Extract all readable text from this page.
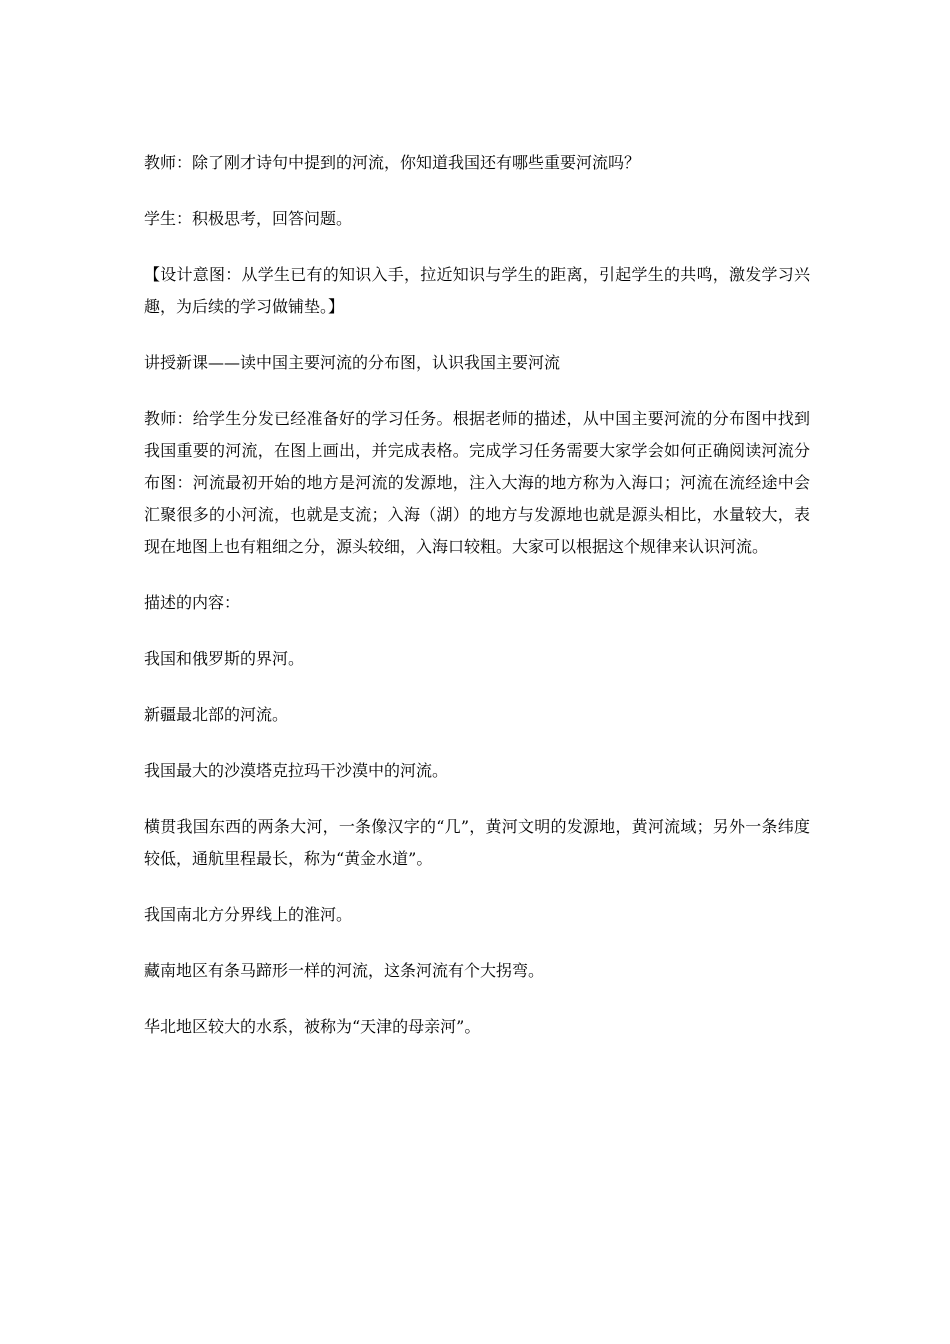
教师：除了刚才诗句中提到的河流，你知道我国还有哪些重要河流吗？

学生：积极思考，回答问题。

【设计意图：从学生已有的知识入手，拉近知识与学生的距离，引起学生的共鸣，激发学习兴趣，为后续的学习做铺垫。】

讲授新课——读中国主要河流的分布图，认识我国主要河流

教师：给学生分发已经准备好的学习任务。根据老师的描述，从中国主要河流的分布图中找到我国重要的河流，在图上画出，并完成表格。完成学习任务需要大家学会如何正确阅读河流分布图：河流最初开始的地方是河流的发源地，注入大海的地方称为入海口；河流在流经途中会汇聚很多的小河流，也就是支流；入海（湖）的地方与发源地也就是源头相比，水量较大，表现在地图上也有粗细之分，源头较细，入海口较粗。大家可以根据这个规律来认识河流。

描述的内容：

我国和俄罗斯的界河。

新疆最北部的河流。

我国最大的沙漠塔克拉玛干沙漠中的河流。

横贯我国东西的两条大河，一条像汉字的“几”，黄河文明的发源地，黄河流域；另外一条纬度较低，通航里程最长，称为“黄金水道”。

我国南北方分界线上的淮河。

藏南地区有条马蹄形一样的河流，这条河流有个大拐弯。

华北地区较大的水系，被称为“天津的母亲河”。
